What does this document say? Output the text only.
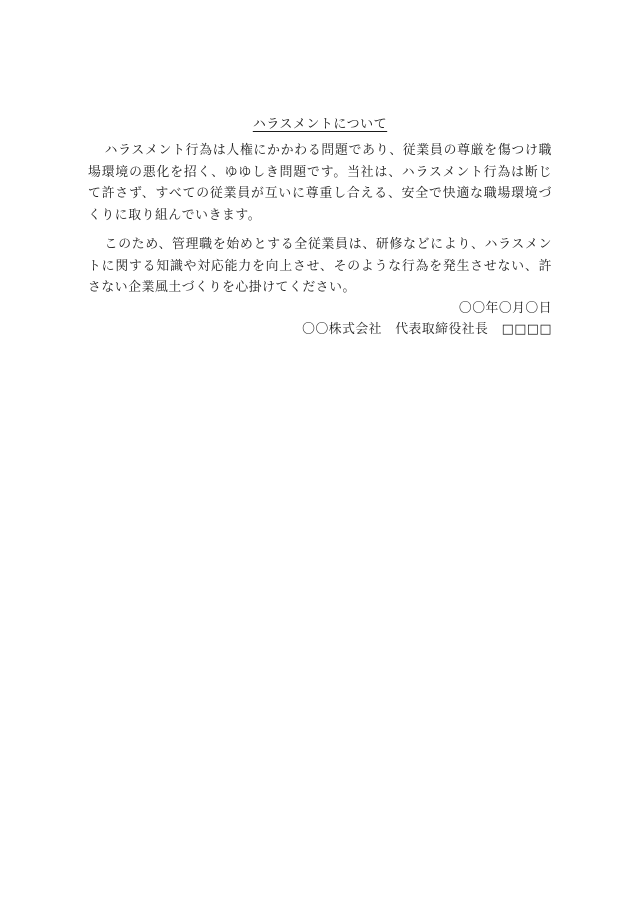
ハラスメントについて

ハラスメント行為は人権にかかわる問題であり、従業員の尊厳を傷つけ職場環境の悪化を招く、ゆゆしき問題です。当社は、ハラスメント行為は断じて許さず、すべての従業員が互いに尊重し合える、安全で快適な職場環境づくりに取り組んでいきます。

このため、管理職を始めとする全従業員は、研修などにより、ハラスメントに関する知識や対応能力を向上させ、そのような行為を発生させない、許さない企業風土づくりを心掛けてください。

〇〇年〇月〇日

〇〇株式会社　代表取締役社長　□□□□
